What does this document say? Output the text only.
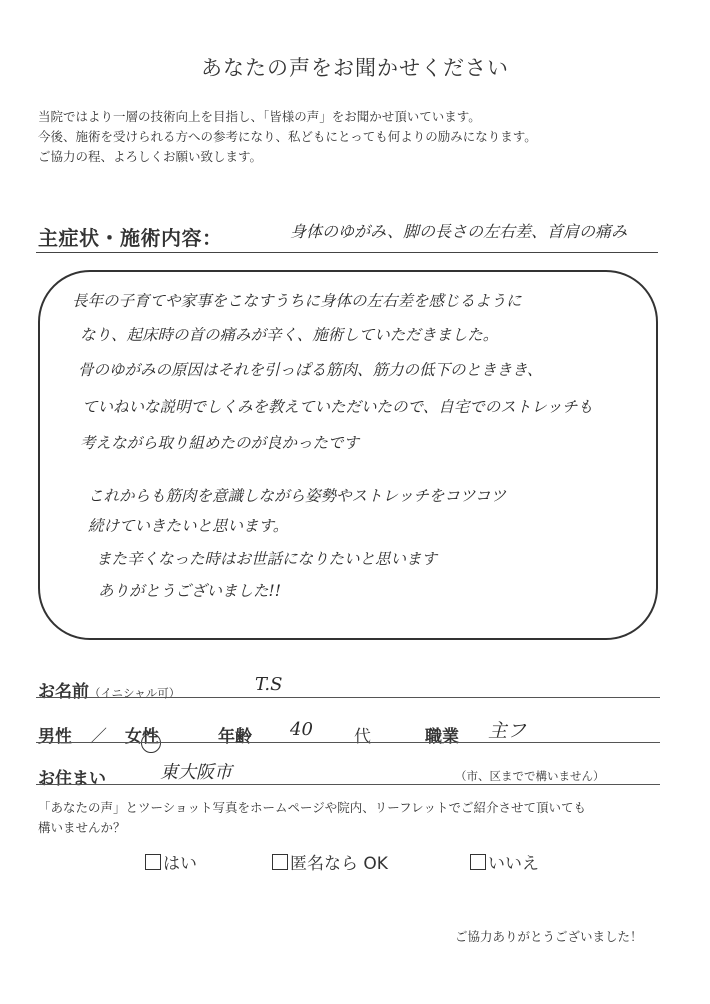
あなたの声をお聞かせください
当院ではより一層の技術向上を目指し、「皆様の声」をお聞かせ頂いています。
今後、施術を受けられる方への参考になり、私どもにとっても何よりの励みになります。
ご協力の程、よろしくお願い致します。
主症状・施術内容：	身体のゆがみ、脚の長さの左右差、首肩の痛み
長年の子育てや家事をこなすうちに身体の左右差を感じるように
なり、起床時の首の痛みが辛く、施術していただきました。
骨のゆがみの原因はそれを引っぱる筋肉、筋力の低下のとききき、
ていねいな説明でしくみを教えていただいたので、自宅でのストレッチも
考えながら取り組めたのが良かったです
これからも筋肉を意識しながら姿勢やストレッチをコツコツ
続けていきたいと思います。
また辛くなった時はお世話になりたいと思います
ありがとうございました!!
お名前（イニシャル可）	T.S
男性 ／ 女性	年齢 40 代	職業 主フ
お住まい	東大阪市	（市、区までで構いません）
「あなたの声」とツーショット写真をホームページや院内、リーフレットでご紹介させて頂いても
構いませんか？
はい	匿名なら OK	いいえ
ご協力ありがとうございました！
